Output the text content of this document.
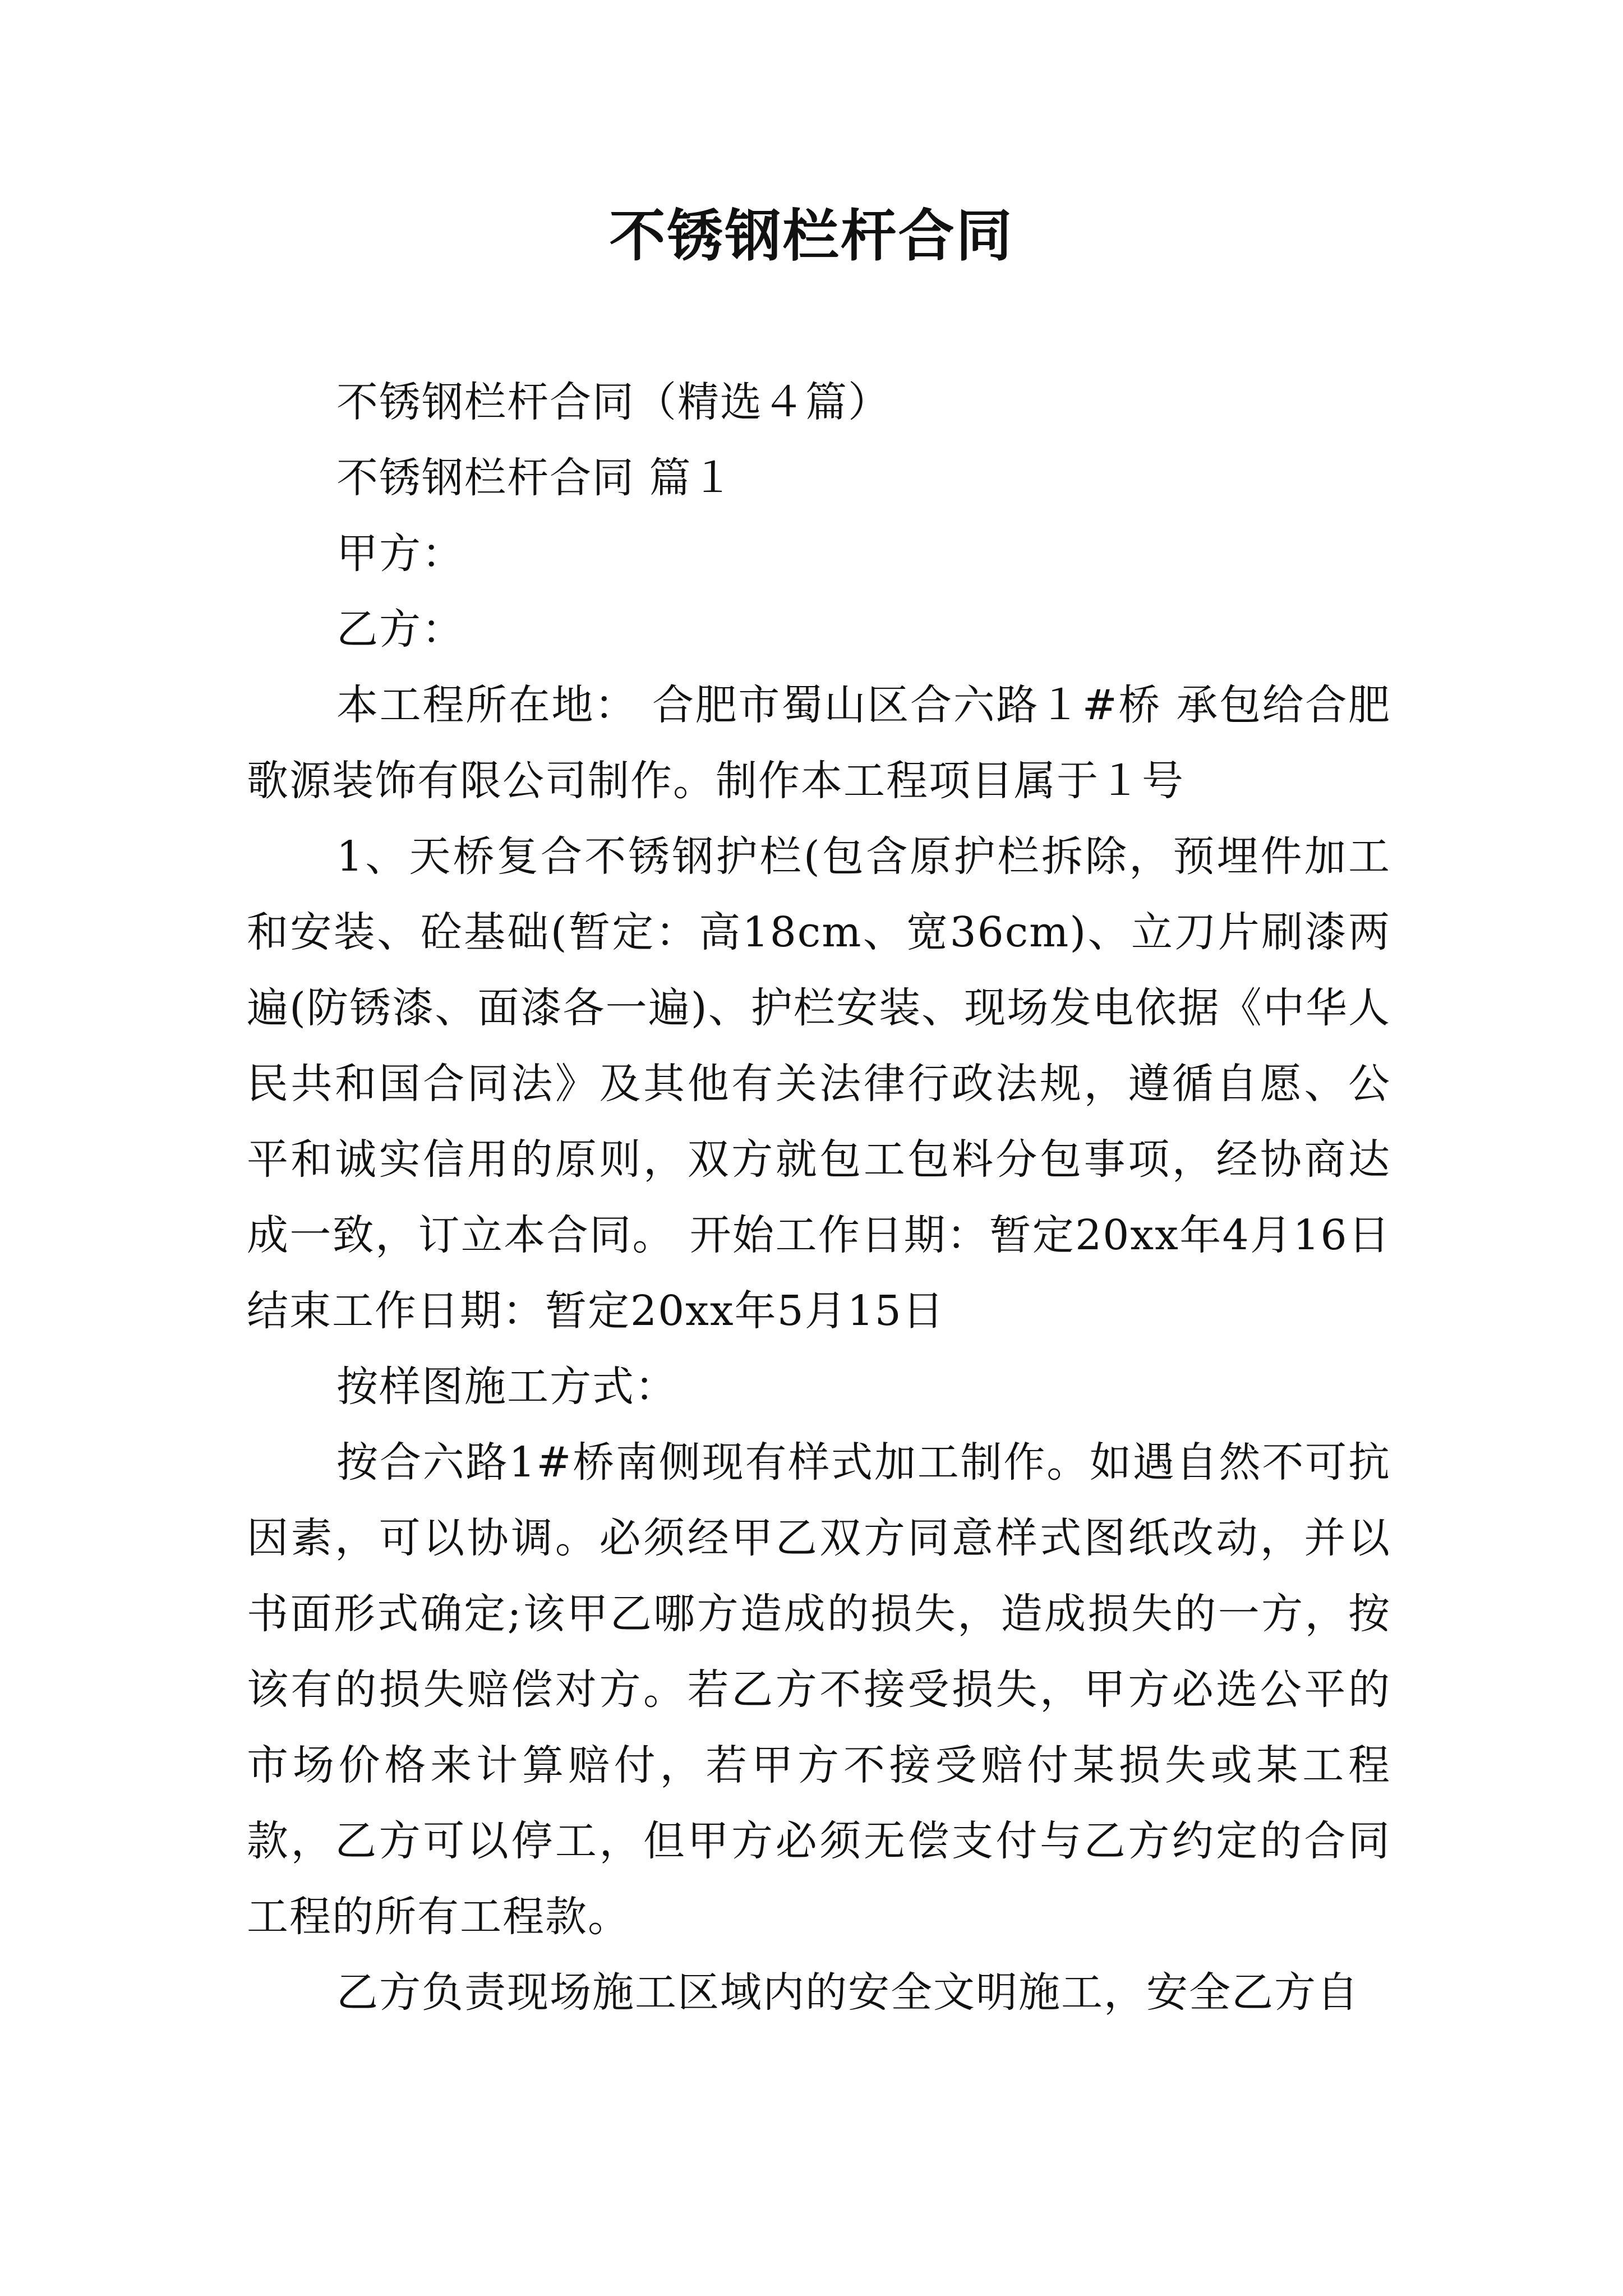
不锈钢栏杆合同

不锈钢栏杆合同（精选４篇）

不锈钢栏杆合同 篇１

甲方：

乙方：

本工程所在地： 合肥市蜀山区合六路１#桥 承包给合肥歌源装饰有限公司制作。制作本工程项目属于１号

1、天桥复合不锈钢护栏(包含原护栏拆除，预埋件加工和安装、砼基础(暂定：高18cm、宽36cm)、立刀片刷漆两遍(防锈漆、面漆各一遍)、护栏安装、现场发电依据《中华人民共和国合同法》及其他有关法律行政法规，遵循自愿、公平和诚实信用的原则，双方就包工包料分包事项，经协商达成一致，订立本合同。 开始工作日期：暂定20xx年4月16日结束工作日期：暂定20xx年5月15日

按样图施工方式：

按合六路1#桥南侧现有样式加工制作。如遇自然不可抗因素，可以协调。必须经甲乙双方同意样式图纸改动，并以书面形式确定;该甲乙哪方造成的损失，造成损失的一方，按该有的损失赔偿对方。若乙方不接受损失，甲方必选公平的市场价格来计算赔付，若甲方不接受赔付某损失或某工程款，乙方可以停工，但甲方必须无偿支付与乙方约定的合同工程的所有工程款。

乙方负责现场施工区域内的安全文明施工，安全乙方自
